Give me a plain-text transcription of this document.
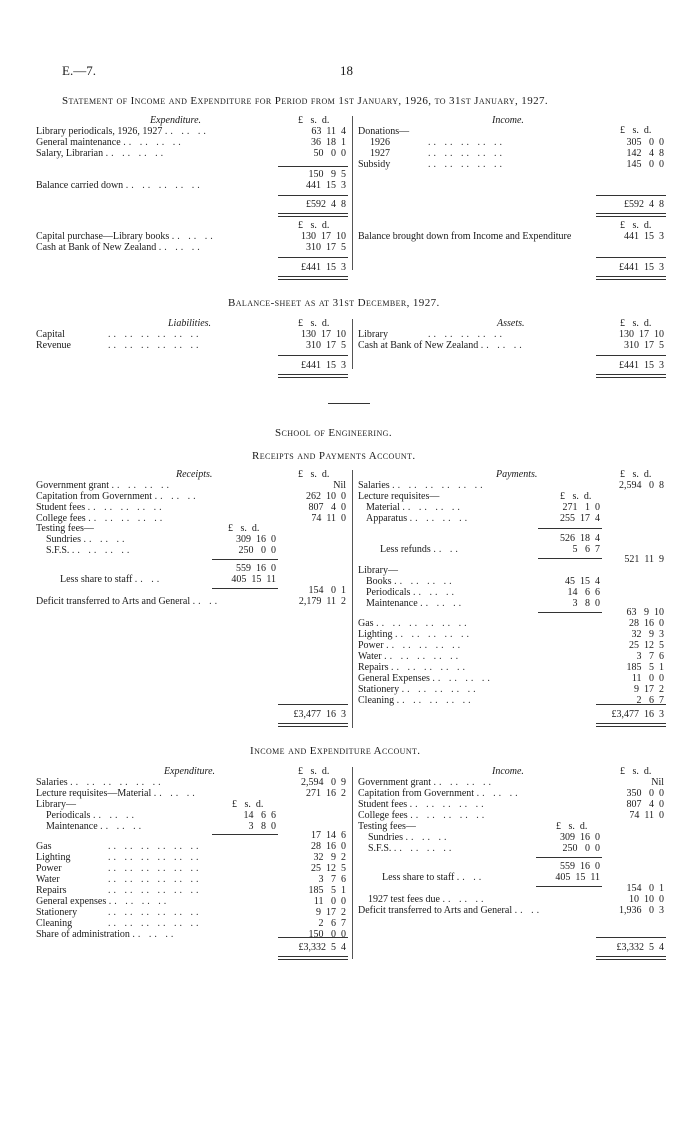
E.—7.	18
Statement of Income and Expenditure for Period from 1st January, 1926, to 31st January, 1927.
Expenditure.	£   s.  d.	Income.
£   s.  d.
Library periodicals, 1926, 1927 .. .. ..	63  11  4
General maintenance .. .. .. ..	36  18  1
Salary, Librarian .. .. .. ..	50   0  0
150   9  5
Balance carried down .. .. .. .. ..	441  15  3
Donations—
1926	.. .. .. .. ..	305   0  0
1927	.. .. .. .. ..	142   4  8
Subsidy	.. .. .. .. ..	145   0  0
£592  4  8	£592  4  8
£   s.  d.	£   s.  d.
Capital purchase—Library books .. .. ..	130  17  10
Cash at Bank of New Zealand .. .. ..	310  17  5
Balance brought down from Income and Expenditure	441  15  3
£441  15  3	£441  15  3
Balance-sheet as at 31st December, 1927.
Liabilities.	£   s.  d.	Assets.	£   s.  d.
Capital	.. .. .. .. .. ..	130  17  10
Revenue	.. .. .. .. .. ..	310  17  5
Library	.. .. .. .. ..	130  17  10
Cash at Bank of New Zealand .. .. ..	310  17  5
£441  15  3	£441  15  3
School of Engineering.
Receipts and Payments Account.
Receipts.	£   s.  d.	Payments.	£   s.  d.
Government grant .. .. .. ..	Nil
Capitation from Government .. .. ..	262  10  0
Student fees .. .. .. .. ..	807   4  0
College fees .. .. .. .. ..	74  11  0
Testing fees—	£   s.  d.
Sundries .. .. ..	309  16  0
S.F.S. .. .. .. ..	250   0  0
559  16  0
Less share to staff .. ..	405  15  11
154   0  1
Deficit transferred to Arts and General .. ..	2,179  11  2
Salaries .. .. .. .. .. ..	2,594   0  8
Lecture requisites—	£   s.  d.
Material .. .. .. ..	271   1  0
Apparatus .. .. .. ..	255  17  4
526  18  4
Less refunds .. ..	5   6  7
521  11  9
Library—
Books .. .. .. ..	45  15  4
Periodicals .. .. ..	14   6  6
Maintenance .. .. ..	3   8  0
63   9  10
Gas .. .. .. .. .. ..	28  16  0
Lighting .. .. .. .. ..	32   9  3
Power .. .. .. .. ..	25  12  5
Water .. .. .. .. ..	3   7  6
Repairs .. .. .. .. ..	185   5  1
General Expenses .. .. .. ..	11   0  0
Stationery .. .. .. .. ..	9  17  2
Cleaning .. .. .. .. ..	2   6  7
£3,477  16  3	£3,477  16  3
Income and Expenditure Account.
Expenditure.	£   s.  d.	Income.	£   s.  d.
Salaries .. .. .. .. .. ..	2,594   0  9
Lecture requisites—Material .. .. ..	271  16  2
Library—	£   s.  d.
Periodicals .. .. ..	14   6  6
Maintenance .. .. ..	3   8  0
17  14  6
Gas	.. .. .. .. .. ..	28  16  0
Lighting	.. .. .. .. .. ..	32   9  2
Power	.. .. .. .. .. ..	25  12  5
Water	.. .. .. .. .. ..	3   7  6
Repairs	.. .. .. .. .. ..	185   5  1
General expenses .. .. .. ..	11   0  0
Stationery	.. .. .. .. .. ..	9  17  2
Cleaning	.. .. .. .. .. ..	2   6  7
Share of administration .. .. ..	150   0  0
Government grant .. .. .. ..	Nil
Capitation from Government .. .. ..	350   0  0
Student fees .. .. .. .. ..	807   4  0
College fees .. .. .. .. ..	74  11  0
Testing fees—	£   s.  d.
Sundries .. .. ..	309  16  0
S.F.S. .. .. .. ..	250   0  0
559  16  0
Less share to staff .. ..	405  15  11
154   0  1
1927 test fees due .. .. ..	10  10  0
Deficit transferred to Arts and General .. ..	1,936   0  3
£3,332  5  4	£3,332  5  4
